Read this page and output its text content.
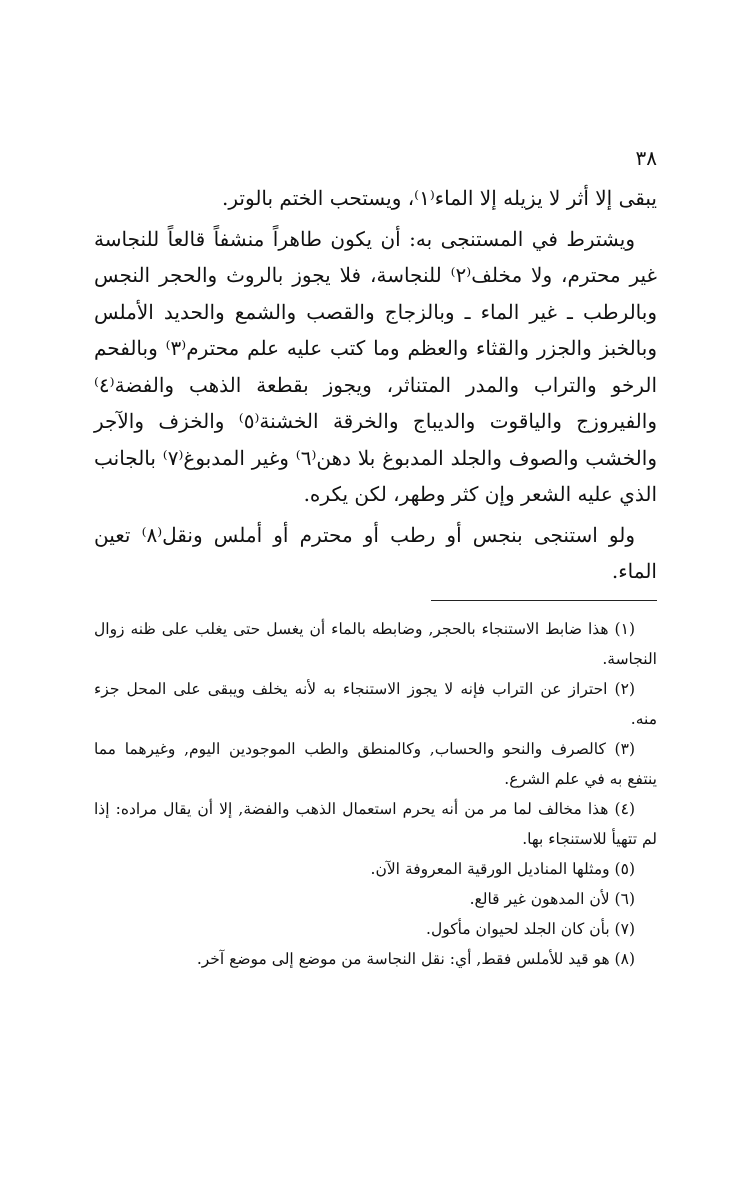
٣٨

يبقى إلا أثر لا يزيله إلا الماء⁽١⁾، ويستحب الختم بالوتر.

ويشترط في المستنجى به: أن يكون طاهراً منشفاً قالعاً للنجاسة غير محترم، ولا مخلف⁽٢⁾ للنجاسة، فلا يجوز بالروث والحجر النجس وبالرطب ـ غير الماء ـ وبالزجاج والقصب والشمع والحديد الأملس وبالخبز والجزر والقثاء والعظم وما كتب عليه علم محترم⁽٣⁾ وبالفحم الرخو والتراب والمدر المتناثر، ويجوز بقطعة الذهب والفضة⁽٤⁾ والفيروزج والياقوت والديباج والخرقة الخشنة⁽٥⁾ والخزف والآجر والخشب والصوف والجلد المدبوغ بلا دهن⁽٦⁾ وغير المدبوغ⁽٧⁾ بالجانب الذي عليه الشعر وإن كثر وطهر، لكن يكره.

ولو استنجى بنجس أو رطب أو محترم أو أملس ونقل⁽٨⁾ تعين الماء.

(١) هذا ضابط الاستنجاء بالحجر, وضابطه بالماء أن يغسل حتى يغلب على ظنه زوال النجاسة.

(٢) احتراز عن التراب فإنه لا يجوز الاستنجاء به لأنه يخلف ويبقى على المحل جزء منه.

(٣) كالصرف والنحو والحساب, وكالمنطق والطب الموجودين اليوم, وغيرهما مما ينتفع به في علم الشرع.

(٤) هذا مخالف لما مر من أنه يحرم استعمال الذهب والفضة, إلا أن يقال مراده: إذا لم تتهيأ للاستنجاء بها.

(٥) ومثلها المناديل الورقية المعروفة الآن.

(٦) لأن المدهون غير قالع.

(٧) بأن كان الجلد لحيوان مأكول.

(٨) هو قيد للأملس فقط, أي: نقل النجاسة من موضع إلى موضع آخر.
